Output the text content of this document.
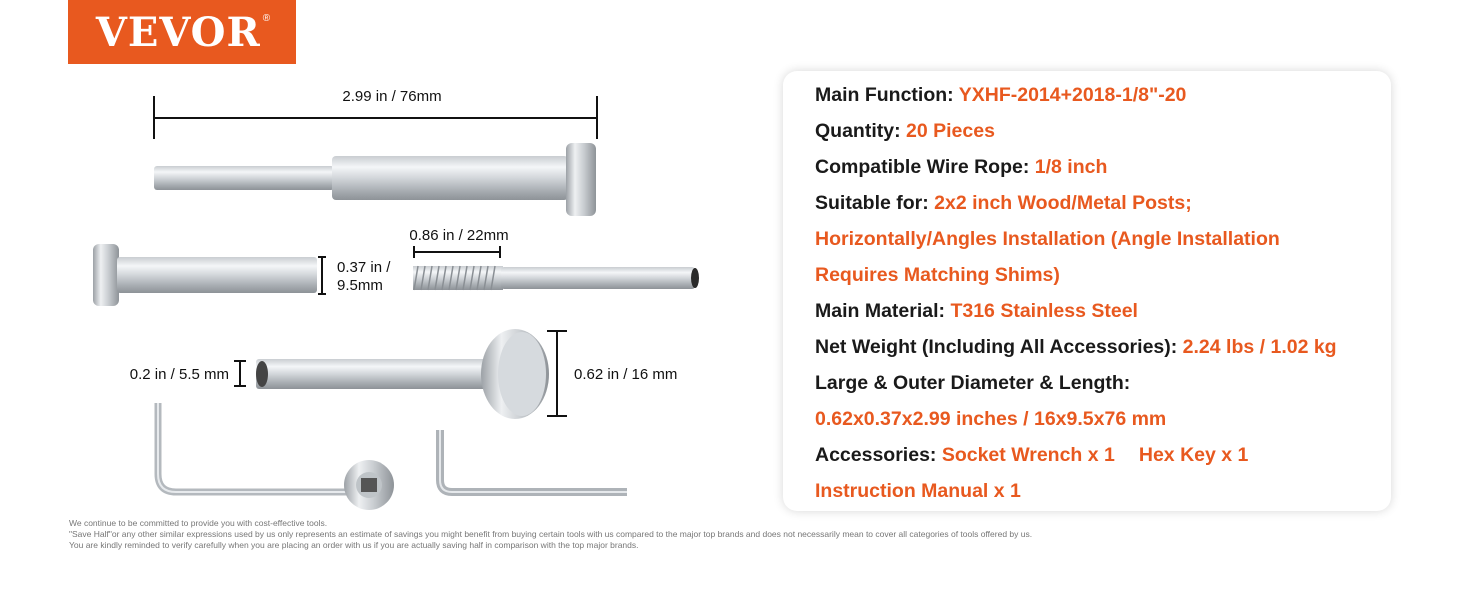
VEVOR ®
2.99 in / 76mm
0.37 in /
9.5mm
0.86 in / 22mm
0.2 in / 5.5 mm	0.62 in / 16 mm
Main Function: YXHF-2014+2018-1/8"-20
Quantity: 20 Pieces
Compatible Wire Rope: 1/8 inch
Suitable for: 2x2 inch Wood/Metal Posts;
Horizontally/Angles Installation (Angle Installation
Requires Matching Shims)
Main Material: T316 Stainless Steel
Net Weight (Including All Accessories): 2.24 lbs / 1.02 kg
Large & Outer Diameter & Length:
0.62x0.37x2.99 inches / 16x9.5x76 mm
Accessories: Socket Wrench x 1 Hex Key x 1
Instruction Manual x 1
We continue to be committed to provide you with cost-effective tools.
"Save Half"or any other similar expressions used by us only represents an estimate of savings you might benefit from buying certain tools with us compared to the major top brands and does not necessarily mean to cover all categories of tools offered by us.
You are kindly reminded to verify carefully when you are placing an order with us if you are actually saving half in comparison with the top major brands.
